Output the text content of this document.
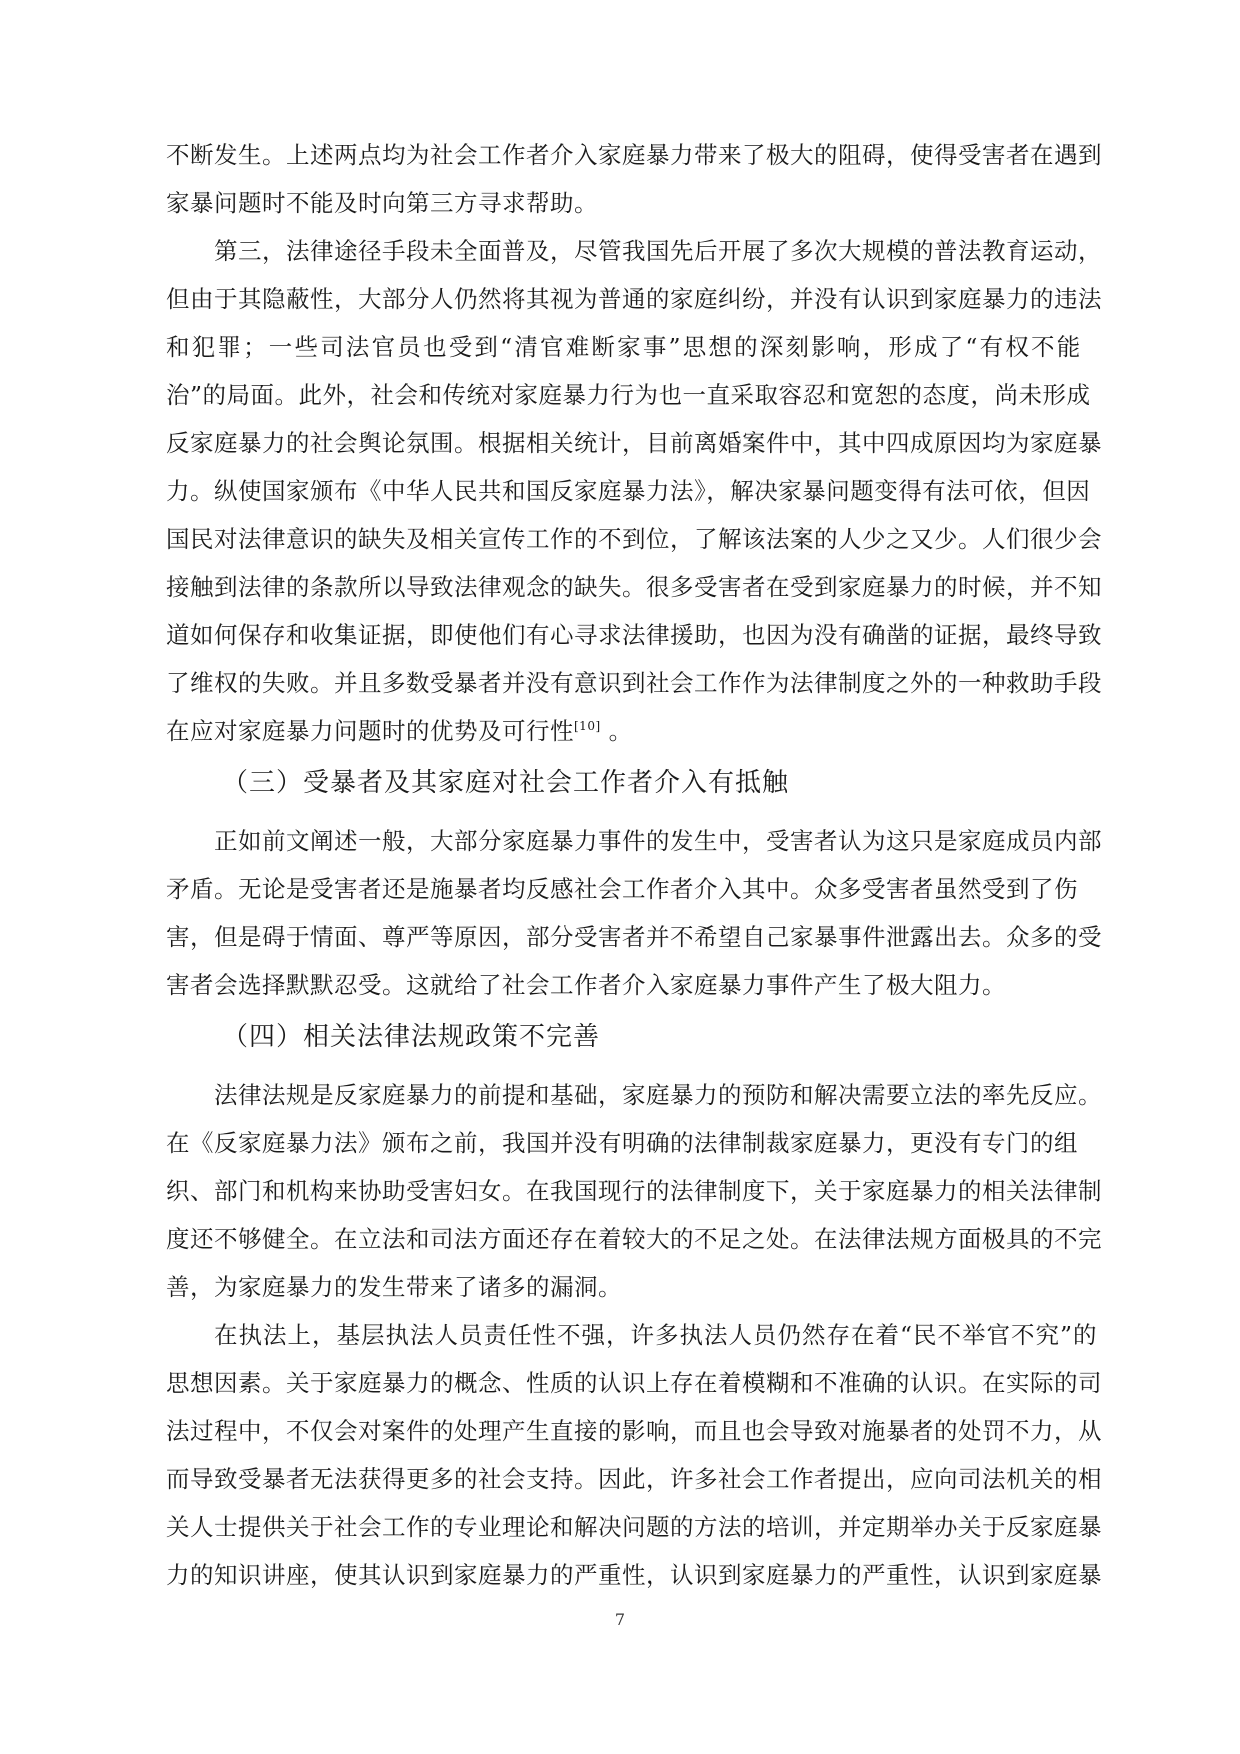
不断发生。上述两点均为社会工作者介入家庭暴力带来了极大的阻碍，使得受害者在遇到
家暴问题时不能及时向第三方寻求帮助。
第三，法律途径手段未全面普及，尽管我国先后开展了多次大规模的普法教育运动，
但由于其隐蔽性，大部分人仍然将其视为普通的家庭纠纷，并没有认识到家庭暴力的违法
和犯罪；一些司法官员也受到“清官难断家事”思想的深刻影响，形成了“有权不能
治”的局面。此外，社会和传统对家庭暴力行为也一直采取容忍和宽恕的态度，尚未形成
反家庭暴力的社会舆论氛围。根据相关统计，目前离婚案件中，其中四成原因均为家庭暴
力。纵使国家颁布《中华人民共和国反家庭暴力法》，解决家暴问题变得有法可依，但因
国民对法律意识的缺失及相关宣传工作的不到位，了解该法案的人少之又少。人们很少会
接触到法律的条款所以导致法律观念的缺失。很多受害者在受到家庭暴力的时候，并不知
道如何保存和收集证据，即使他们有心寻求法律援助，也因为没有确凿的证据，最终导致
了维权的失败。并且多数受暴者并没有意识到社会工作作为法律制度之外的一种救助手段
在应对家庭暴力问题时的优势及可行性[10] 。
（三）受暴者及其家庭对社会工作者介入有抵触
正如前文阐述一般，大部分家庭暴力事件的发生中，受害者认为这只是家庭成员内部
矛盾。无论是受害者还是施暴者均反感社会工作者介入其中。众多受害者虽然受到了伤
害，但是碍于情面、尊严等原因，部分受害者并不希望自己家暴事件泄露出去。众多的受
害者会选择默默忍受。这就给了社会工作者介入家庭暴力事件产生了极大阻力。
（四）相关法律法规政策不完善
法律法规是反家庭暴力的前提和基础，家庭暴力的预防和解决需要立法的率先反应。
在《反家庭暴力法》颁布之前，我国并没有明确的法律制裁家庭暴力，更没有专门的组
织、部门和机构来协助受害妇女。在我国现行的法律制度下，关于家庭暴力的相关法律制
度还不够健全。在立法和司法方面还存在着较大的不足之处。在法律法规方面极具的不完
善，为家庭暴力的发生带来了诸多的漏洞。
在执法上，基层执法人员责任性不强，许多执法人员仍然存在着“民不举官不究”的
思想因素。关于家庭暴力的概念、性质的认识上存在着模糊和不准确的认识。在实际的司
法过程中，不仅会对案件的处理产生直接的影响，而且也会导致对施暴者的处罚不力，从
而导致受暴者无法获得更多的社会支持。因此，许多社会工作者提出，应向司法机关的相
关人士提供关于社会工作的专业理论和解决问题的方法的培训，并定期举办关于反家庭暴
力的知识讲座，使其认识到家庭暴力的严重性，认识到家庭暴力的严重性，认识到家庭暴
7
